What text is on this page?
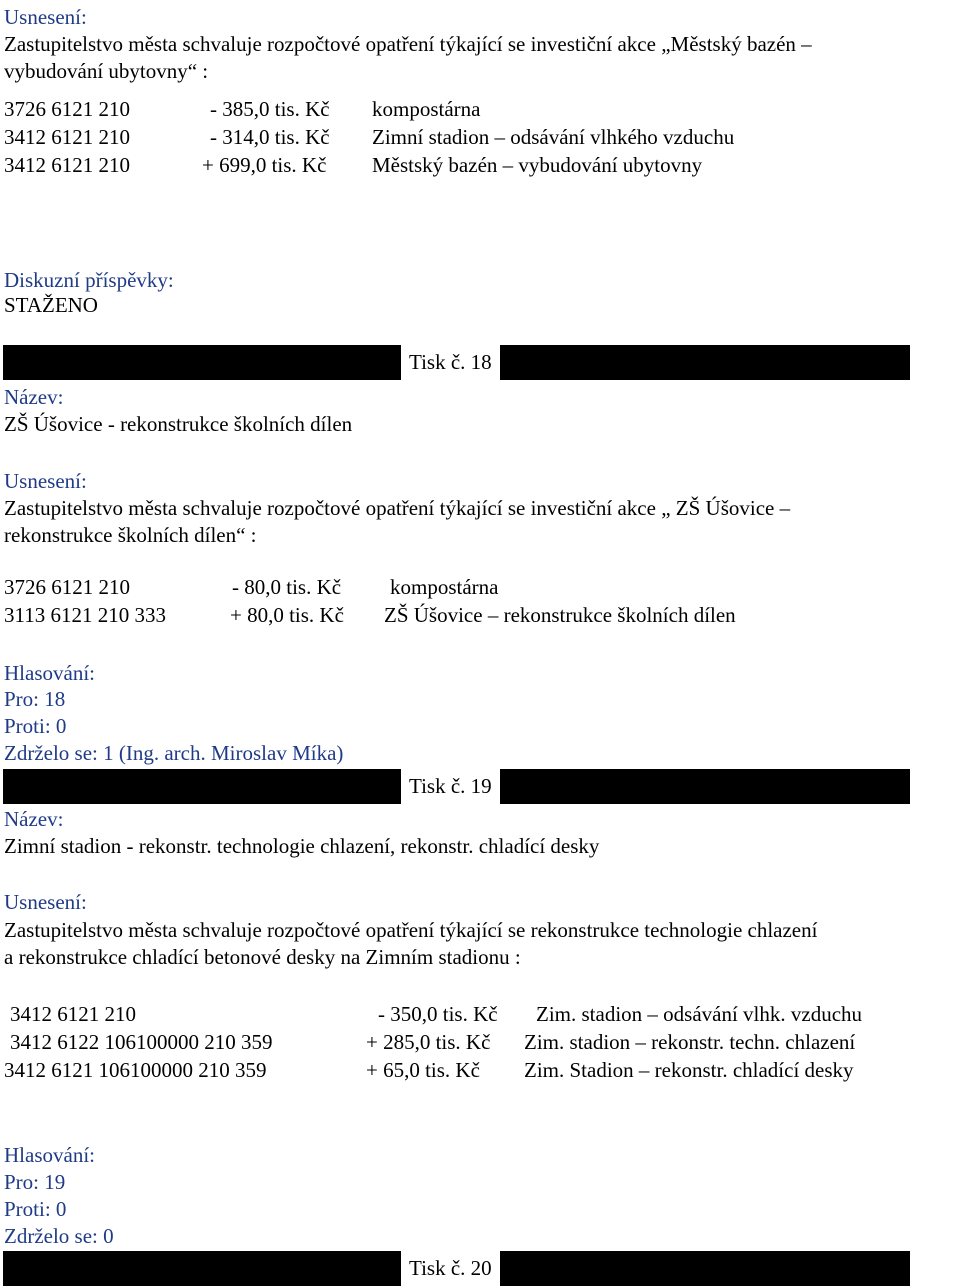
Usnesení:
Zastupitelstvo města schvaluje rozpočtové opatření týkající se investiční akce „Městský bazén –
vybudování ubytovny“ :
3726 6121 210	- 385,0 tis. Kč kompostárna
3412 6121 210	- 314,0 tis. Kč Zimní stadion – odsávání vlhkého vzduchu
3412 6121 210	+ 699,0 tis. Kč Městský bazén – vybudování ubytovny
Diskuzní příspěvky:
STAŽENO
Tisk č. 18
Název:
ZŠ Úšovice - rekonstrukce školních dílen
Usnesení:
Zastupitelstvo města schvaluje rozpočtové opatření týkající se investiční akce „ ZŠ Úšovice –
rekonstrukce školních dílen“ :
3726 6121 210	- 80,0 tis. Kč kompostárna
3113 6121 210 333	+ 80,0 tis. Kč ZŠ Úšovice – rekonstrukce školních dílen
Hlasování:
Pro: 18
Proti: 0
Zdrželo se: 1 (Ing. arch. Miroslav Míka)
Tisk č. 19
Název:
Zimní stadion - rekonstr. technologie chlazení, rekonstr. chladící desky
Usnesení:
Zastupitelstvo města schvaluje rozpočtové opatření týkající se rekonstrukce technologie chlazení
a rekonstrukce chladící betonové desky na Zimním stadionu :
3412 6121 210	- 350,0 tis. Kč Zim. stadion – odsávání vlhk. vzduchu
3412 6122 106100000 210 359	+ 285,0 tis. Kč Zim. stadion – rekonstr. techn. chlazení
3412 6121 106100000 210 359	+ 65,0 tis. Kč Zim. Stadion – rekonstr. chladící desky
Hlasování:
Pro: 19
Proti: 0
Zdrželo se: 0
Tisk č. 20
